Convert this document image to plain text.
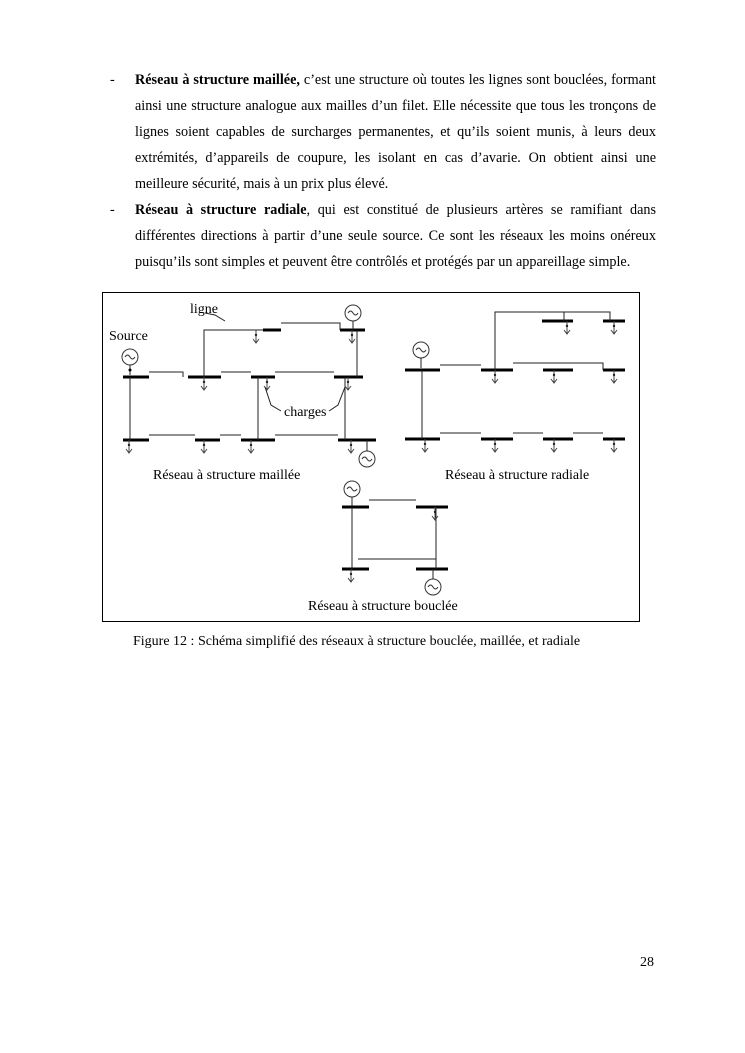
- Réseau à structure maillée, c’est une structure où toutes les lignes sont bouclées, formant ainsi une structure analogue aux mailles d’un filet. Elle nécessite que tous les tronçons de lignes soient capables de surcharges permanentes, et qu’ils soient munis, à leurs deux extrémités, d’appareils de coupure, les isolant en cas d’avarie. On obtient ainsi une meilleure sécurité, mais à un prix plus élevé.
- Réseau à structure radiale, qui est constitué de plusieurs artères se ramifiant dans différentes directions à partir d’une seule source. Ce sont les réseaux les moins onéreux puisqu’ils sont simples et peuvent être contrôlés et protégés par un appareillage simple.
ligne
Source
charges
Réseau à structure maillée	Réseau à structure radiale
Réseau à structure bouclée
Figure 12 : Schéma simplifié des réseaux à structure bouclée, maillée, et radiale
28
